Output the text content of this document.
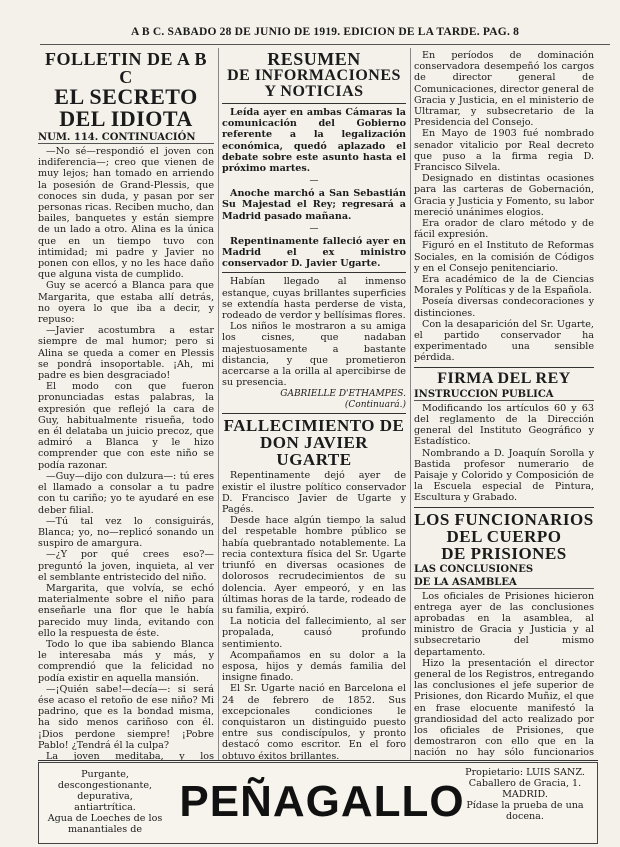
A B C. SABADO 28 DE JUNIO DE 1919. EDICION DE LA TARDE. PAG. 8

FOLLETIN DE A B C

EL SECRETO

DEL IDIOTA

NUM. 114. CONTINUACIÓN

—No sé—respondió el joven con indiferencia—; creo que vienen de muy lejos; han tomado en arriendo la posesión de Grand-Plessis, que conoces sin duda, y pasan por ser personas ricas. Reciben mucho, dan bailes, banquetes y están siempre de un lado a otro. Alina es la única que en un tiempo tuvo con intimidad; mi padre y Javier no ponen con ellos, y no les hace daño que alguna vista de cumplido.

Guy se acercó a Blanca para que Margarita, que estaba allí detrás, no oyera lo que iba a decir, y repuso:

—Javier acostumbra a estar siempre de mal humor; pero si Alina se queda a comer en Plessis se pondrá insoportable. ¡Ah, mi padre es bien desgraciado!

El modo con que fueron pronunciadas estas palabras, la expresión que reflejó la cara de Guy, habitualmente risueña, todo en él delataba un juicio precoz, que admiró a Blanca y le hizo comprender que con este niño se podía razonar.

—Guy—dijo con dulzura—: tú eres el llamado a consolar a tu padre con tu cariño; yo te ayudaré en ese deber filial.

—Tú tal vez lo consiguirás, Blanca; yo, no—replicó sonando un suspiro de amargura.

—¿Y por qué crees eso?—preguntó la joven, inquieta, al ver el semblante entristecido del niño.

Margarita, que volvía, se echó materialmente sobre el niño para enseñarle una flor que le había parecido muy linda, evitando con ello la respuesta de éste.

Todo lo que iba sabiendo Blanca le interesaba más y más, y comprendió que la felicidad no podía existir en aquella mansión.

—¡Quién sabe!—decía—: si será ése acaso el retoño de ese niño? Mi padrino, que es la bondad misma, ha sido menos cariñoso con él. ¡Dios perdone siempre! ¡Pobre Pablo! ¿Tendrá él la culpa?

La joven meditaba, y los

RESUMEN

DE INFORMACIONES

Y NOTICIAS

Leída ayer en ambas Cámaras la comunicación del Gobierno referente a la legalización económica, quedó aplazado el debate sobre este asunto hasta el próximo martes.

—

Anoche marchó a San Sebastián Su Majestad el Rey; regresará a Madrid pasado mañana.

—

Repentinamente falleció ayer en Madrid el ex ministro conservador D. Javier Ugarte.

Habían llegado al inmenso estanque, cuyas brillantes superficies se extendía hasta perderse de vista, rodeado de verdor y bellísimas flores.

Los niños le mostraron a su amiga los cisnes, que nadaban majestuosamente a bastante distancia, y que prometieron acercarse a la orilla al apercibirse de su presencia.

GABRIELLE D'ETHAMPES.
(Continuará.)

FALLECIMIENTO DE

DON JAVIER UGARTE

Repentinamente dejó ayer de existir el ilustre político conservador D. Francisco Javier de Ugarte y Pagés.

Desde hace algún tiempo la salud del respetable hombre público se había quebrantado notablemente. La recia contextura física del Sr. Ugarte triunfó en diversas ocasiones de dolorosos recrudecimientos de su dolencia. Ayer empeoró, y en las últimas horas de la tarde, rodeado de su familia, expiró.

La noticia del fallecimiento, al ser propalada, causó profundo sentimiento.

Acompañamos en su dolor a la esposa, hijos y demás familia del insigne finado.

El Sr. Ugarte nació en Barcelona el 24 de febrero de 1852. Sus excepcionales condiciones le conquistaron un distinguido puesto entre sus condiscípulos, y pronto destacó como escritor. En el foro obtuvo éxitos brillantes.

En períodos de dominación conservadora desempeñó los cargos de director general de Comunicaciones, director general de Gracia y Justicia, en el ministerio de Ultramar, y subsecretario de la Presidencia del Consejo.

En Mayo de 1903 fué nombrado senador vitalicio por Real decreto que puso a la firma regia D. Francisco Silvela.

Designado en distintas ocasiones para las carteras de Gobernación, Gracia y Justicia y Fomento, su labor mereció unánimes elogios.

Era orador de claro método y de fácil expresión.

Figuró en el Instituto de Reformas Sociales, en la comisión de Códigos y en el Consejo penitenciario.

Era académico de la de Ciencias Morales y Políticas y de la Española.

Poseía diversas condecoraciones y distinciones.

Con la desaparición del Sr. Ugarte, el partido conservador ha experimentado una sensible pérdida.

FIRMA DEL REY

INSTRUCCION PUBLICA

Modificando los artículos 60 y 63 del reglamento de la Dirección general del Instituto Geográfico y Estadístico.

Nombrando a D. Joaquín Sorolla y Bastida profesor numerario de Paisaje y Colorido y Composición de la Escuela especial de Pintura, Escultura y Grabado.

LOS FUNCIONARIOS

DEL CUERPO

DE PRISIONES

LAS CONCLUSIONES
DE LA ASAMBLEA

Los oficiales de Prisiones hicieron entrega ayer de las conclusiones aprobadas en la asamblea, al ministro de Gracia y Justicia y al subsecretario del mismo departamento.

Hizo la presentación el director general de los Registros, entregando las conclusiones el jefe superior de Prisiones, don Ricardo Muñiz, el que en frase elocuente manifestó la grandiosidad del acto realizado por los oficiales de Prisiones, que demostraron con ello que en la nación no hay sólo funcionarios

Purgante, descongestionante, depurativa, antiartrítica.
Agua de Loeches de los manantiales de
PEÑAGALLO
Propietario: LUIS SANZ.
Caballero de Gracia, 1.
MADRID.
Pídase la prueba de una docena.
